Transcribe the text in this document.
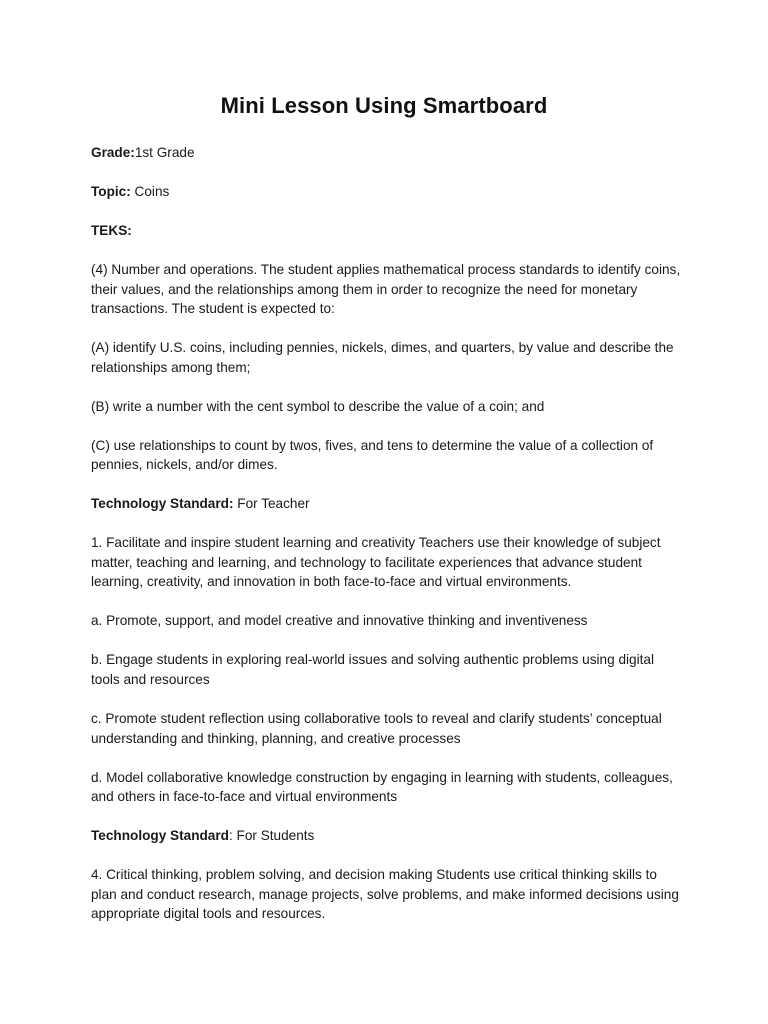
Mini Lesson Using Smartboard

Grade:1st Grade

Topic: Coins

TEKS:

(4) Number and operations. The student applies mathematical process standards to identify coins, their values, and the relationships among them in order to recognize the need for monetary transactions. The student is expected to:

(A) identify U.S. coins, including pennies, nickels, dimes, and quarters, by value and describe the relationships among them;

(B) write a number with the cent symbol to describe the value of a coin; and

(C) use relationships to count by twos, fives, and tens to determine the value of a collection of pennies, nickels, and/or dimes.

Technology Standard: For Teacher

1. Facilitate and inspire student learning and creativity Teachers use their knowledge of subject matter, teaching and learning, and technology to facilitate experiences that advance student learning, creativity, and innovation in both face-to-face and virtual environments.

a. Promote, support, and model creative and innovative thinking and inventiveness

b. Engage students in exploring real-world issues and solving authentic problems using digital tools and resources

c. Promote student reflection using collaborative tools to reveal and clarify students’ conceptual understanding and thinking, planning, and creative processes

d. Model collaborative knowledge construction by engaging in learning with students, colleagues, and others in face-to-face and virtual environments

Technology Standard: For Students

4. Critical thinking, problem solving, and decision making Students use critical thinking skills to plan and conduct research, manage projects, solve problems, and make informed decisions using appropriate digital tools and resources.
